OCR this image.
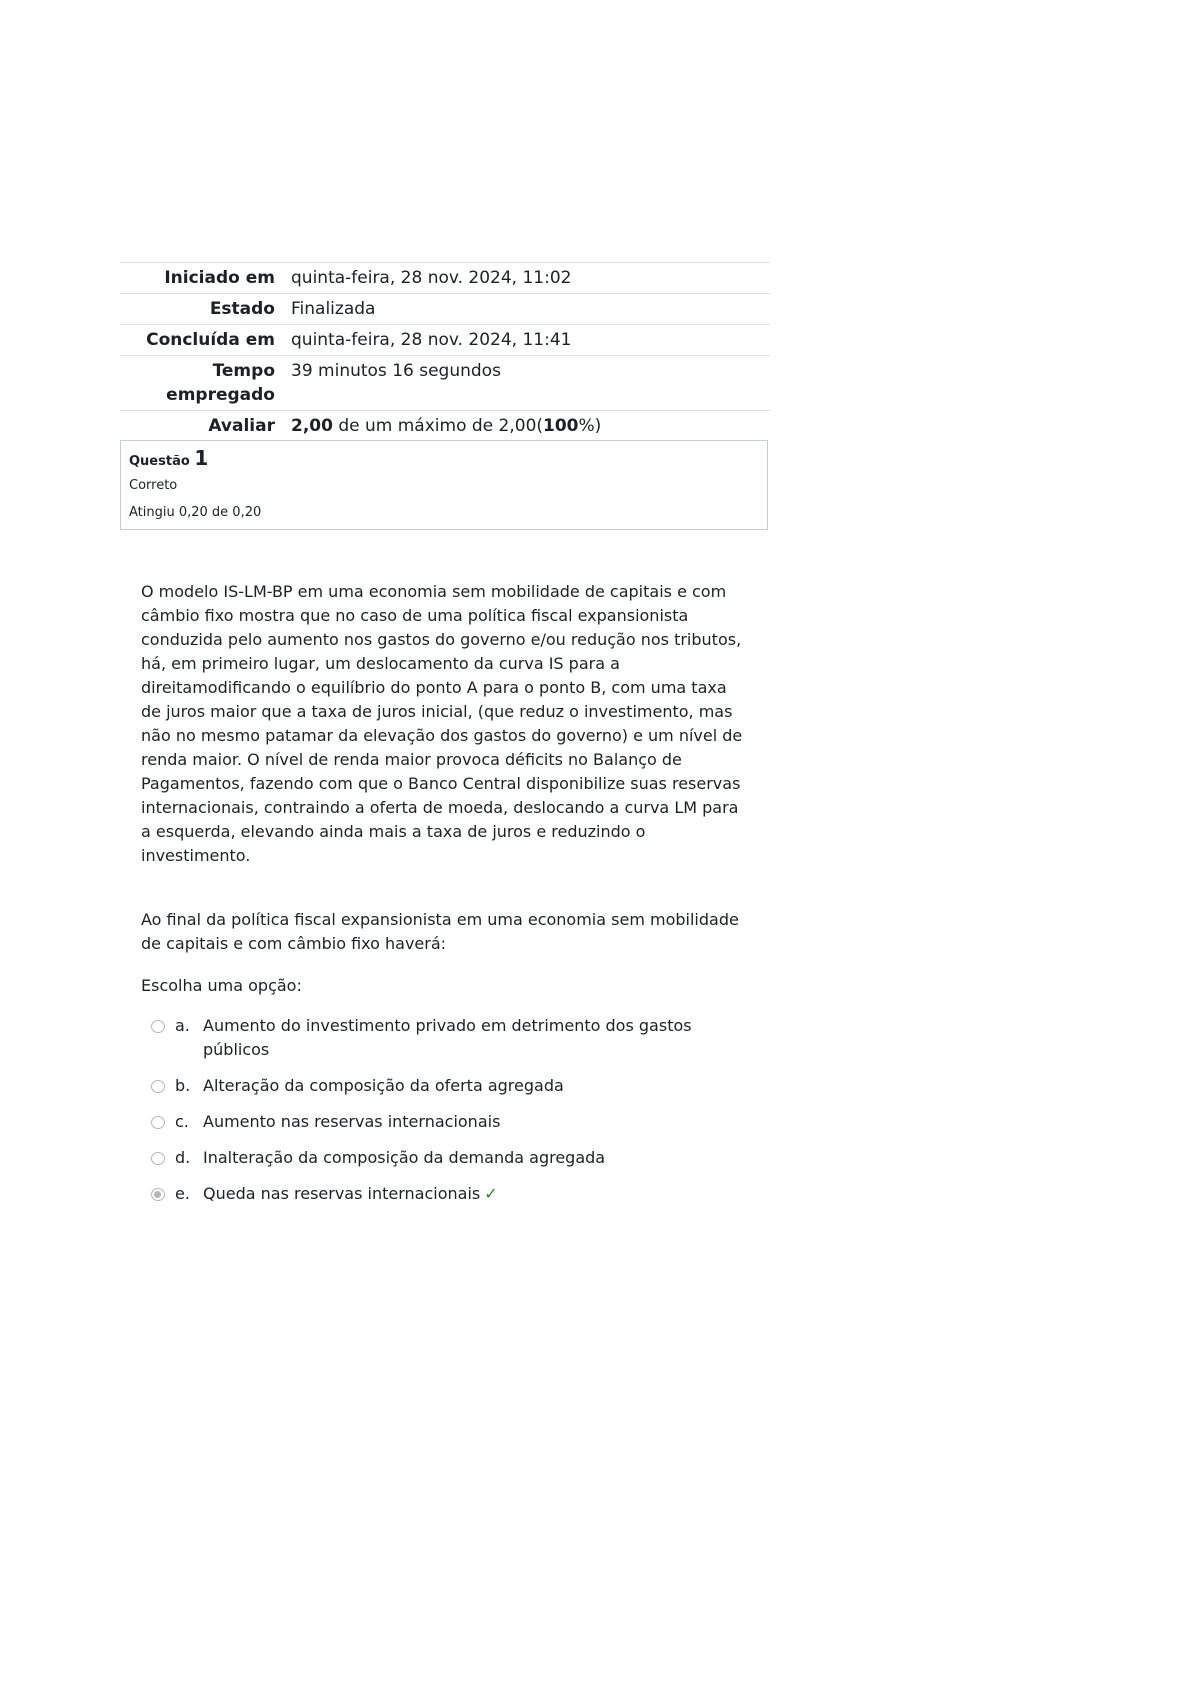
Iniciado em	quinta-feira, 28 nov. 2024, 11:02
Estado	Finalizada
Concluída em	quinta-feira, 28 nov. 2024, 11:41
Tempo empregado	39 minutos 16 segundos
Avaliar	2,00 de um máximo de 2,00(100%)
Questão 1
Correto
Atingiu 0,20 de 0,20

O modelo IS-LM-BP em uma economia sem mobilidade de capitais e com câmbio fixo mostra que no caso de uma política fiscal expansionista conduzida pelo aumento nos gastos do governo e/ou redução nos tributos, há, em primeiro lugar, um deslocamento da curva IS para a direitamodificando o equilíbrio do ponto A para o ponto B, com uma taxa de juros maior que a taxa de juros inicial, (que reduz o investimento, mas não no mesmo patamar da elevação dos gastos do governo) e um nível de renda maior. O nível de renda maior provoca déficits no Balanço de Pagamentos, fazendo com que o Banco Central disponibilize suas reservas internacionais, contraindo a oferta de moeda, deslocando a curva LM para a esquerda, elevando ainda mais a taxa de juros e reduzindo o investimento.

Ao final da política fiscal expansionista em uma economia sem mobilidade de capitais e com câmbio fixo haverá:

Escolha uma opção:
a. Aumento do investimento privado em detrimento dos gastos públicos
b. Alteração da composição da oferta agregada
c. Aumento nas reservas internacionais
d. Inalteração da composição da demanda agregada
e. Queda nas reservas internacionais ✓
